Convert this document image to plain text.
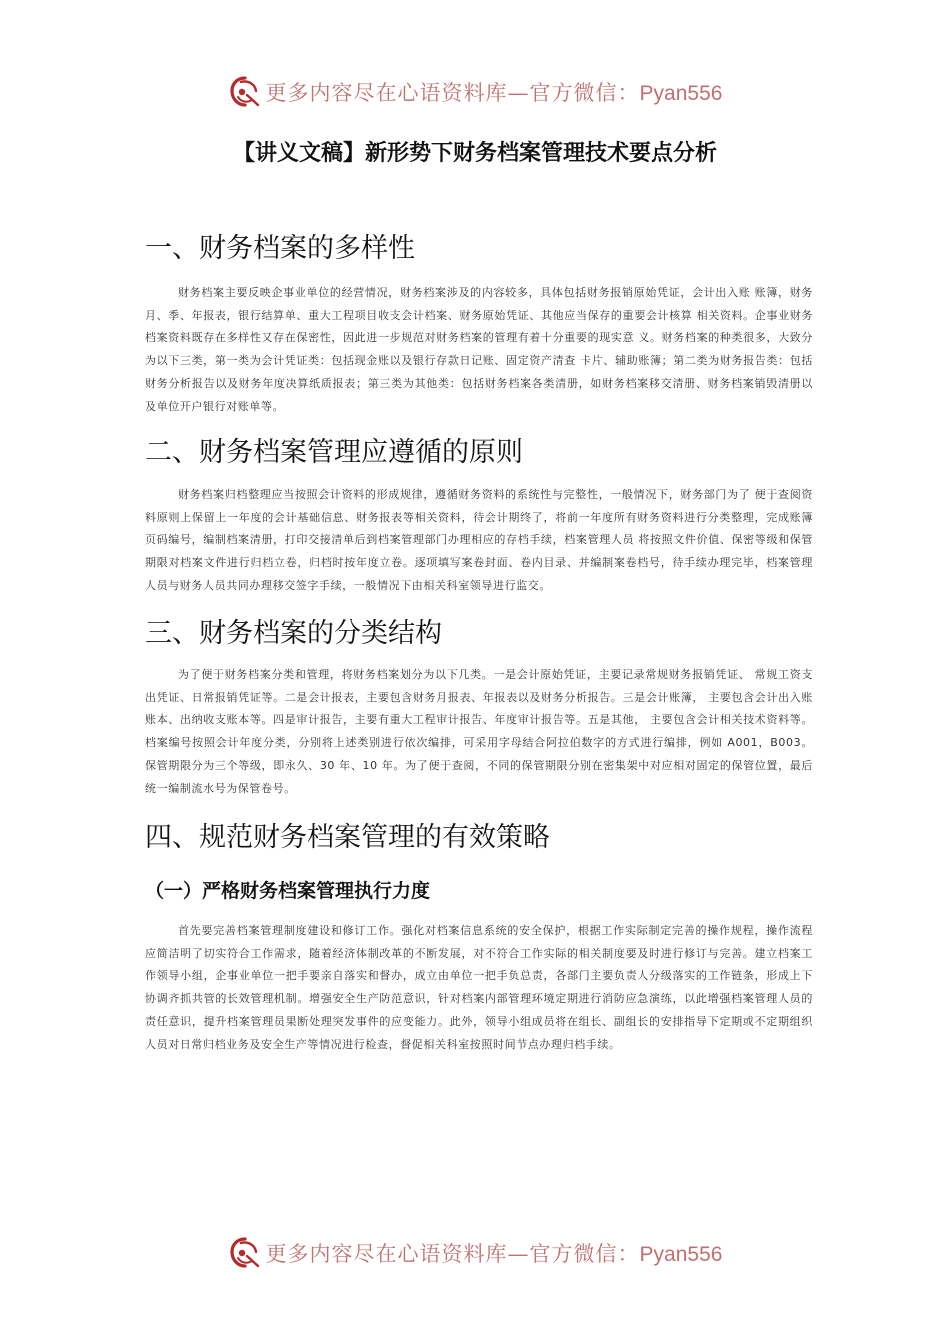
更多内容尽在心语资料库—官方微信：Pyan556
【讲义文稿】新形势下财务档案管理技术要点分析
一、财务档案的多样性

财务档案主要反映企事业单位的经营情况，财务档案涉及的内容较多，具体包括财务报销原始凭证，会计出入账 账簿，财务月、季、年报表，银行结算单、重大工程项目收支会计档案、财务原始凭证、其他应当保存的重要会计核算 相关资料。企事业财务档案资料既存在多样性又存在保密性，因此进一步规范对财务档案的管理有着十分重要的现实意 义。财务档案的种类很多，大致分为以下三类，第一类为会计凭证类：包括现金账以及银行存款日记账、固定资产清查 卡片、辅助账簿；第二类为财务报告类：包括财务分析报告以及财务年度决算纸质报表；第三类为其他类：包括财务档案各类清册，如财务档案移交清册、财务档案销毁清册以及单位开户银行对账单等。

二、财务档案管理应遵循的原则

财务档案归档整理应当按照会计资料的形成规律，遵循财务资料的系统性与完整性，一般情况下，财务部门为了 便于查阅资料原则上保留上一年度的会计基础信息、财务报表等相关资料，待会计期终了，将前一年度所有财务资料进行分类整理，完成账簿页码编号，编制档案清册，打印交接清单后到档案管理部门办理相应的存档手续，档案管理人员 将按照文件价值、保密等级和保管期限对档案文件进行归档立卷，归档时按年度立卷。逐项填写案卷封面、卷内目录、并编制案卷档号，待手续办理完毕，档案管理人员与财务人员共同办理移交签字手续，一般情况下由相关科室领导进行监交。

三、财务档案的分类结构

为了便于财务档案分类和管理，将财务档案划分为以下几类。一是会计原始凭证，主要记录常规财务报销凭证、 常规工资支出凭证、日常报销凭证等。二是会计报表，主要包含财务月报表、年报表以及财务分析报告。三是会计账簿， 主要包含会计出入账账本、出纳收支账本等。四是审计报告，主要有重大工程审计报告、年度审计报告等。五是其他， 主要包含会计相关技术资料等。档案编号按照会计年度分类，分别将上述类别进行依次编排，可采用字母结合阿拉伯数字的方式进行编排，例如 A001，B003。保管期限分为三个等级，即永久、30 年、10 年。为了便于查阅，不同的保管期限分别在密集架中对应相对固定的保管位置，最后统一编制流水号为保管卷号。

四、规范财务档案管理的有效策略
（一）严格财务档案管理执行力度

首先要完善档案管理制度建设和修订工作。强化对档案信息系统的安全保护，根据工作实际制定完善的操作规程，操作流程应简洁明了切实符合工作需求，随着经济体制改革的不断发展，对不符合工作实际的相关制度要及时进行修订与完善。建立档案工作领导小组，企事业单位一把手要亲自落实和督办，成立由单位一把手负总责，各部门主要负责人分级落实的工作链条，形成上下协调齐抓共管的长效管理机制。增强安全生产防范意识，针对档案内部管理环境定期进行消防应急演练，以此增强档案管理人员的责任意识，提升档案管理员果断处理突发事件的应变能力。此外，领导小组成员将在组长、副组长的安排指导下定期或不定期组织人员对日常归档业务及安全生产等情况进行检查，督促相关科室按照时间节点办理归档手续。

更多内容尽在心语资料库—官方微信：Pyan556
